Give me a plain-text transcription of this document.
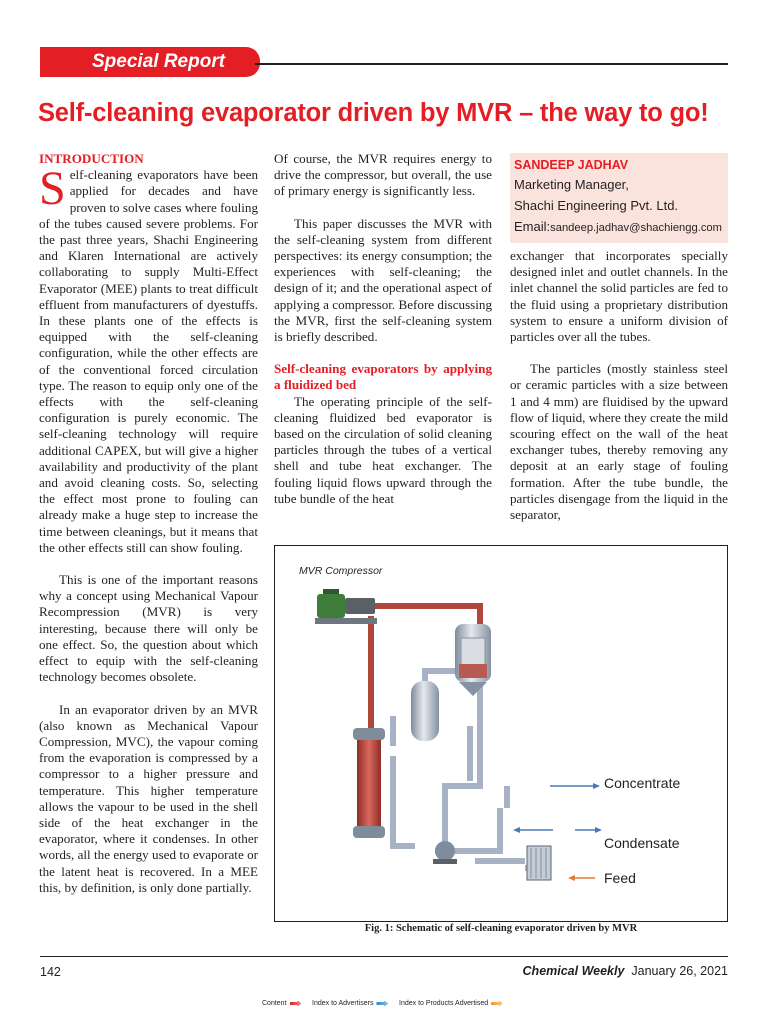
Special Report
Self-cleaning evaporator driven by MVR – the way to go!

INTRODUCTION

Self-cleaning evaporators have been applied for decades and have proven to solve cases where fouling of the tubes caused severe problems. For the past three years, Shachi Engineering and Klaren International are actively collaborating to supply Multi-Effect Evaporator (MEE) plants to treat difficult effluent from manufacturers of dyestuffs. In these plants one of the effects is equipped with the self-cleaning configuration, while the other effects are of the conventional forced circulation type. The reason to equip only one of the effects with the self-cleaning configuration is purely economic. The self-cleaning technology will require additional CAPEX, but will give a higher availability and productivity of the plant and avoid cleaning costs. So, selecting the effect most prone to fouling can already make a huge step to increase the time between cleanings, but it means that the other effects still can show fouling.

This is one of the important reasons why a concept using Mechanical Vapour Recompression (MVR) is very interesting, because there will only be one effect. So, the question about which effect to equip with the self-cleaning technology becomes obsolete.

In an evaporator driven by an MVR (also known as Mechanical Vapour Compression, MVC), the vapour coming from the evaporation is compressed by a compressor to a higher pressure and temperature. This higher temperature allows the vapour to be used in the shell side of the heat exchanger in the evaporator, where it condenses. In other words, all the energy used to evaporate or the latent heat is recovered. In a MEE this, by definition, is only done partially.

Of course, the MVR requires energy to drive the compressor, but overall, the use of primary energy is significantly less.

This paper discusses the MVR with the self-cleaning system from different perspectives: its energy consumption; the experiences with self-cleaning; the design of it; and the operational aspect of applying a compressor. Before discussing the MVR, first the self-cleaning system is briefly described.

Self-cleaning evaporators by applying a fluidized bed

The operating principle of the self-cleaning fluidized bed evaporator is based on the circulation of solid cleaning particles through the tubes of a vertical shell and tube heat exchanger. The fouling liquid flows upward through the tube bundle of the heat

SANDEEP JADHAV
Marketing Manager,
Shachi Engineering Pvt. Ltd.
Email:sandeep.jadhav@shachiengg.com

exchanger that incorporates specially designed inlet and outlet channels. In the inlet channel the solid particles are fed to the fluid using a proprietary distribution system to ensure a uniform division of particles over all the tubes.

The particles (mostly stainless steel or ceramic particles with a size between 1 and 4 mm) are fluidised by the upward flow of liquid, where they create the mild scouring effect on the wall of the heat exchanger tubes, thereby removing any deposit at an early stage of fouling formation. After the tube bundle, the particles disengage from the liquid in the separator,

MVR Compressor
Concentrate
Condensate
Feed
Fig. 1: Schematic of self-cleaning evaporator driven by MVR
142	Chemical Weekly January 26, 2021
Content	Index to Advertisers	Index to Products Advertised
